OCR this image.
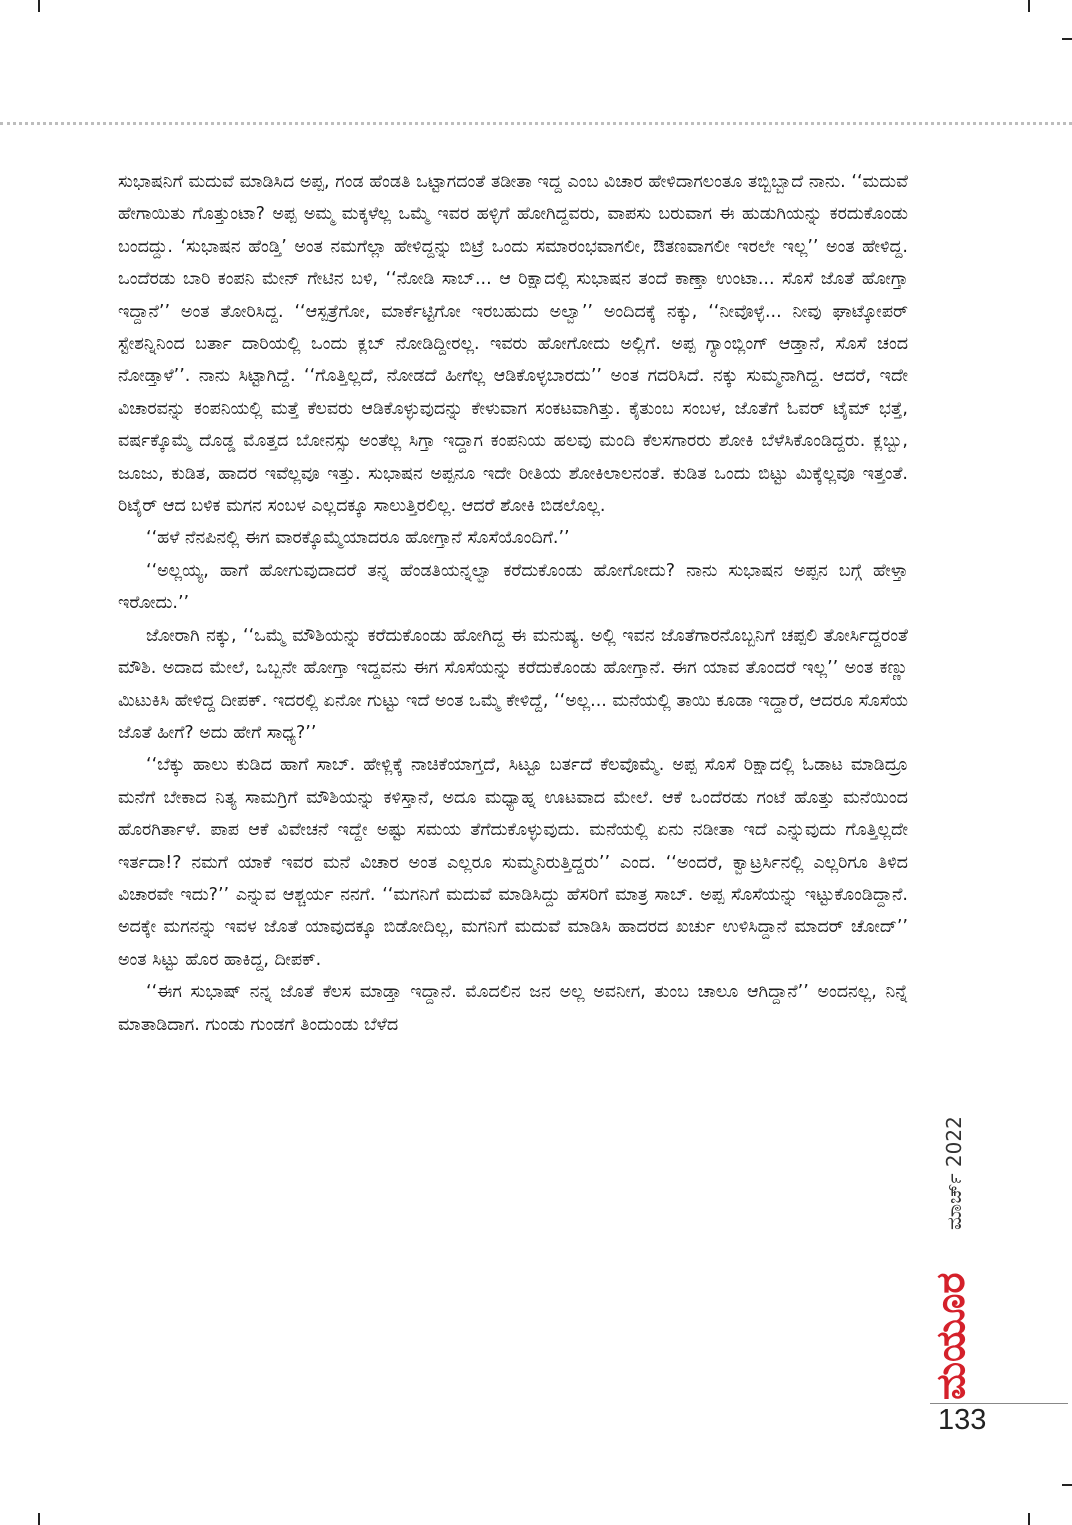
ಸುಭಾಷನಿಗೆ ಮದುವೆ ಮಾಡಿಸಿದ ಅಪ್ಪ, ಗಂಡ ಹೆಂಡತಿ ಒಟ್ಟಾಗದಂತೆ ತಡೀತಾ ಇದ್ದ ಎಂಬ ವಿಚಾರ ಹೇಳಿದಾಗಲಂತೂ ತಬ್ಬಿಬ್ಬಾದೆ ನಾನು. ‘‘ಮದುವೆ ಹೇಗಾಯಿತು ಗೊತ್ತುಂಟಾ? ಅಪ್ಪ ಅಮ್ಮ ಮಕ್ಕಳೆಲ್ಲ ಒಮ್ಮೆ ಇವರ ಹಳ್ಳಿಗೆ ಹೋಗಿದ್ದವರು, ವಾಪಸು ಬರುವಾಗ ಈ ಹುಡುಗಿಯನ್ನು ಕರದುಕೊಂಡು ಬಂದದ್ದು. ‘ಸುಭಾಷನ ಹೆಂಡ್ತಿ’ ಅಂತ ನಮಗೆಲ್ಲಾ ಹೇಳಿದ್ದನ್ನು ಬಿಟ್ರೆ ಒಂದು ಸಮಾರಂಭವಾಗಲೀ, ಔತಣವಾಗಲೀ ಇರಲೇ ಇಲ್ಲ’’ ಅಂತ ಹೇಳಿದ್ದ. ಒಂದೆರಡು ಬಾರಿ ಕಂಪನಿ ಮೇನ್ ಗೇಟಿನ ಬಳಿ, ‘‘ನೋಡಿ ಸಾಬ್... ಆ ರಿಕ್ಷಾದಲ್ಲಿ ಸುಭಾಷನ ತಂದೆ ಕಾಣ್ತಾ ಉಂಟಾ... ಸೊಸೆ ಜೊತೆ ಹೋಗ್ತಾ ಇದ್ದಾನೆ’’ ಅಂತ ತೋರಿಸಿದ್ದ. ‘‘ಆಸ್ಪತ್ರೆಗೋ, ಮಾರ್ಕೆಟ್ಟಿಗೋ ಇರಬಹುದು ಅಲ್ವಾ’’ ಅಂದಿದಕ್ಕೆ ನಕ್ಕು, ‘‘ನೀವೊಳ್ಳೆ... ನೀವು ಘಾಟ್ಕೋಪರ್ ಸ್ಟೇಶನ್ನಿನಿಂದ ಬರ್ತಾ ದಾರಿಯಲ್ಲಿ ಒಂದು ಕ್ಲಬ್ ನೋಡಿದ್ದೀರಲ್ಲ. ಇವರು ಹೋಗೋದು ಅಲ್ಲಿಗೆ. ಅಪ್ಪ ಗ್ಯಾಂಬ್ಲಿಂಗ್ ಆಡ್ತಾನೆ, ಸೊಸೆ ಚಂದ ನೋಡ್ತಾಳೆ’’. ನಾನು ಸಿಟ್ಟಾಗಿದ್ದೆ. ‘‘ಗೊತ್ತಿಲ್ಲದೆ, ನೋಡದೆ ಹೀಗೆಲ್ಲ ಆಡಿಕೊಳ್ಳಬಾರದು’’ ಅಂತ ಗದರಿಸಿದೆ. ನಕ್ಕು ಸುಮ್ಮನಾಗಿದ್ದ. ಆದರೆ, ಇದೇ ವಿಚಾರವನ್ನು ಕಂಪನಿಯಲ್ಲಿ ಮತ್ತೆ ಕೆಲವರು ಆಡಿಕೊಳ್ಳುವುದನ್ನು ಕೇಳುವಾಗ ಸಂಕಟವಾಗಿತ್ತು. ಕೈತುಂಬ ಸಂಬಳ, ಜೊತೆಗೆ ಓವರ್ ಟೈಮ್ ಭತ್ತೆ, ವರ್ಷಕ್ಕೊಮ್ಮೆ ದೊಡ್ಡ ಮೊತ್ತದ ಬೋನಸ್ಸು ಅಂತೆಲ್ಲ ಸಿಗ್ತಾ ಇದ್ದಾಗ ಕಂಪನಿಯ ಹಲವು ಮಂದಿ ಕೆಲಸಗಾರರು ಶೋಕಿ ಬೆಳೆಸಿಕೊಂಡಿದ್ದರು. ಕ್ಲಬ್ಬು, ಜೂಜು, ಕುಡಿತ, ಹಾದರ ಇವೆಲ್ಲವೂ ಇತ್ತು. ಸುಭಾಷನ ಅಪ್ಪನೂ ಇದೇ ರೀತಿಯ ಶೋಕಿಲಾಲನಂತೆ. ಕುಡಿತ ಒಂದು ಬಿಟ್ಟು ಮಿಕ್ಕೆಲ್ಲವೂ ಇತ್ತಂತೆ. ರಿಟೈರ್ ಆದ ಬಳಿಕ ಮಗನ ಸಂಬಳ ಎಲ್ಲದಕ್ಕೂ ಸಾಲುತ್ತಿರಲಿಲ್ಲ. ಆದರೆ ಶೋಕಿ ಬಿಡಲೊಲ್ಲ.

‘‘ಹಳೆ ನೆನಪಿನಲ್ಲಿ ಈಗ ವಾರಕ್ಕೊಮ್ಮೆಯಾದರೂ ಹೋಗ್ತಾನೆ ಸೊಸೆಯೊಂದಿಗೆ.’’

‘‘ಅಲ್ಲಯ್ಯ, ಹಾಗೆ ಹೋಗುವುದಾದರೆ ತನ್ನ ಹೆಂಡತಿಯನ್ನಲ್ವಾ ಕರೆದುಕೊಂಡು ಹೋಗೋದು? ನಾನು ಸುಭಾಷನ ಅಪ್ಪನ ಬಗ್ಗೆ ಹೇಳ್ತಾ ಇರೋದು.’’

ಜೋರಾಗಿ ನಕ್ಕು, ‘‘ಒಮ್ಮೆ ಮೌಶಿಯನ್ನು ಕರೆದುಕೊಂಡು ಹೋಗಿದ್ದ ಈ ಮನುಷ್ಯ. ಅಲ್ಲಿ ಇವನ ಜೊತೆಗಾರನೊಬ್ಬನಿಗೆ ಚಪ್ಪಲಿ ತೋರ್ಸಿದ್ದರಂತೆ ಮೌಶಿ. ಅದಾದ ಮೇಲೆ, ಒಬ್ಬನೇ ಹೋಗ್ತಾ ಇದ್ದವನು ಈಗ ಸೊಸೆಯನ್ನು ಕರೆದುಕೊಂಡು ಹೋಗ್ತಾನೆ. ಈಗ ಯಾವ ತೊಂದರೆ ಇಲ್ಲ’’ ಅಂತ ಕಣ್ಣು ಮಿಟುಕಿಸಿ ಹೇಳಿದ್ದ ದೀಪಕ್. ಇದರಲ್ಲಿ ಏನೋ ಗುಟ್ಟು ಇದೆ ಅಂತ ಒಮ್ಮೆ ಕೇಳಿದ್ದೆ, ‘‘ಅಲ್ಲ... ಮನೆಯಲ್ಲಿ ತಾಯಿ ಕೂಡಾ ಇದ್ದಾರೆ, ಆದರೂ ಸೊಸೆಯ ಜೊತೆ ಹೀಗೆ? ಅದು ಹೇಗೆ ಸಾಧ್ಯ?’’

‘‘ಬೆಕ್ಕು ಹಾಲು ಕುಡಿದ ಹಾಗೆ ಸಾಬ್. ಹೇಳ್ಲಿಕ್ಕೆ ನಾಚಿಕೆಯಾಗ್ತದೆ, ಸಿಟ್ಟೂ ಬರ್ತದೆ ಕೆಲವೊಮ್ಮೆ. ಅಪ್ಪ ಸೊಸೆ ರಿಕ್ಷಾದಲ್ಲಿ ಓಡಾಟ ಮಾಡಿದ್ರೂ ಮನೆಗೆ ಬೇಕಾದ ನಿತ್ಯ ಸಾಮಗ್ರಿಗೆ ಮೌಶಿಯನ್ನು ಕಳಿಸ್ತಾನೆ, ಅದೂ ಮಧ್ಯಾಹ್ನ ಊಟವಾದ ಮೇಲೆ. ಆಕೆ ಒಂದೆರಡು ಗಂಟೆ ಹೊತ್ತು ಮನೆಯಿಂದ ಹೊರಗಿರ್ತಾಳೆ. ಪಾಪ ಆಕೆ ವಿವೇಚನೆ ಇದ್ದೇ ಅಷ್ಟು ಸಮಯ ತೆಗೆದುಕೊಳ್ಳುವುದು. ಮನೆಯಲ್ಲಿ ಏನು ನಡೀತಾ ಇದೆ ಎನ್ನುವುದು ಗೊತ್ತಿಲ್ಲದೇ ಇರ್ತದಾ!? ನಮಗೆ ಯಾಕೆ ಇವರ ಮನೆ ವಿಚಾರ ಅಂತ ಎಲ್ಲರೂ ಸುಮ್ಮನಿರುತ್ತಿದ್ದರು’’ ಎಂದ. ‘‘ಅಂದರೆ, ಕ್ವಾಟ್ರರ್ಸಿನಲ್ಲಿ ಎಲ್ಲರಿಗೂ ತಿಳಿದ ವಿಚಾರವೇ ಇದು?’’ ಎನ್ನುವ ಆಶ್ಚರ್ಯ ನನಗೆ. ‘‘ಮಗನಿಗೆ ಮದುವೆ ಮಾಡಿಸಿದ್ದು ಹೆಸರಿಗೆ ಮಾತ್ರ ಸಾಬ್. ಅಪ್ಪ ಸೊಸೆಯನ್ನು ಇಟ್ಟುಕೊಂಡಿದ್ದಾನೆ. ಅದಕ್ಕೇ ಮಗನನ್ನು ಇವಳ ಜೊತೆ ಯಾವುದಕ್ಕೂ ಬಿಡೋದಿಲ್ಲ, ಮಗನಿಗೆ ಮದುವೆ ಮಾಡಿಸಿ ಹಾದರದ ಖರ್ಚು ಉಳಿಸಿದ್ದಾನೆ ಮಾದರ್ ಚೋದ್’’ ಅಂತ ಸಿಟ್ಟು ಹೊರ ಹಾಕಿದ್ದ, ದೀಪಕ್.

‘‘ಈಗ ಸುಭಾಷ್ ನನ್ನ ಜೊತೆ ಕೆಲಸ ಮಾಡ್ತಾ ಇದ್ದಾನೆ. ಮೊದಲಿನ ಜನ ಅಲ್ಲ ಅವನೀಗ, ತುಂಬ ಚಾಲೂ ಆಗಿದ್ದಾನೆ’’ ಅಂದನಲ್ಲ, ನಿನ್ನೆ ಮಾತಾಡಿದಾಗ. ಗುಂಡು ಗುಂಡಗೆ ತಿಂದುಂಡು ಬೆಳೆದ

ಮಾರ್ಚ್ 2022
ಮಯೂರ
133
